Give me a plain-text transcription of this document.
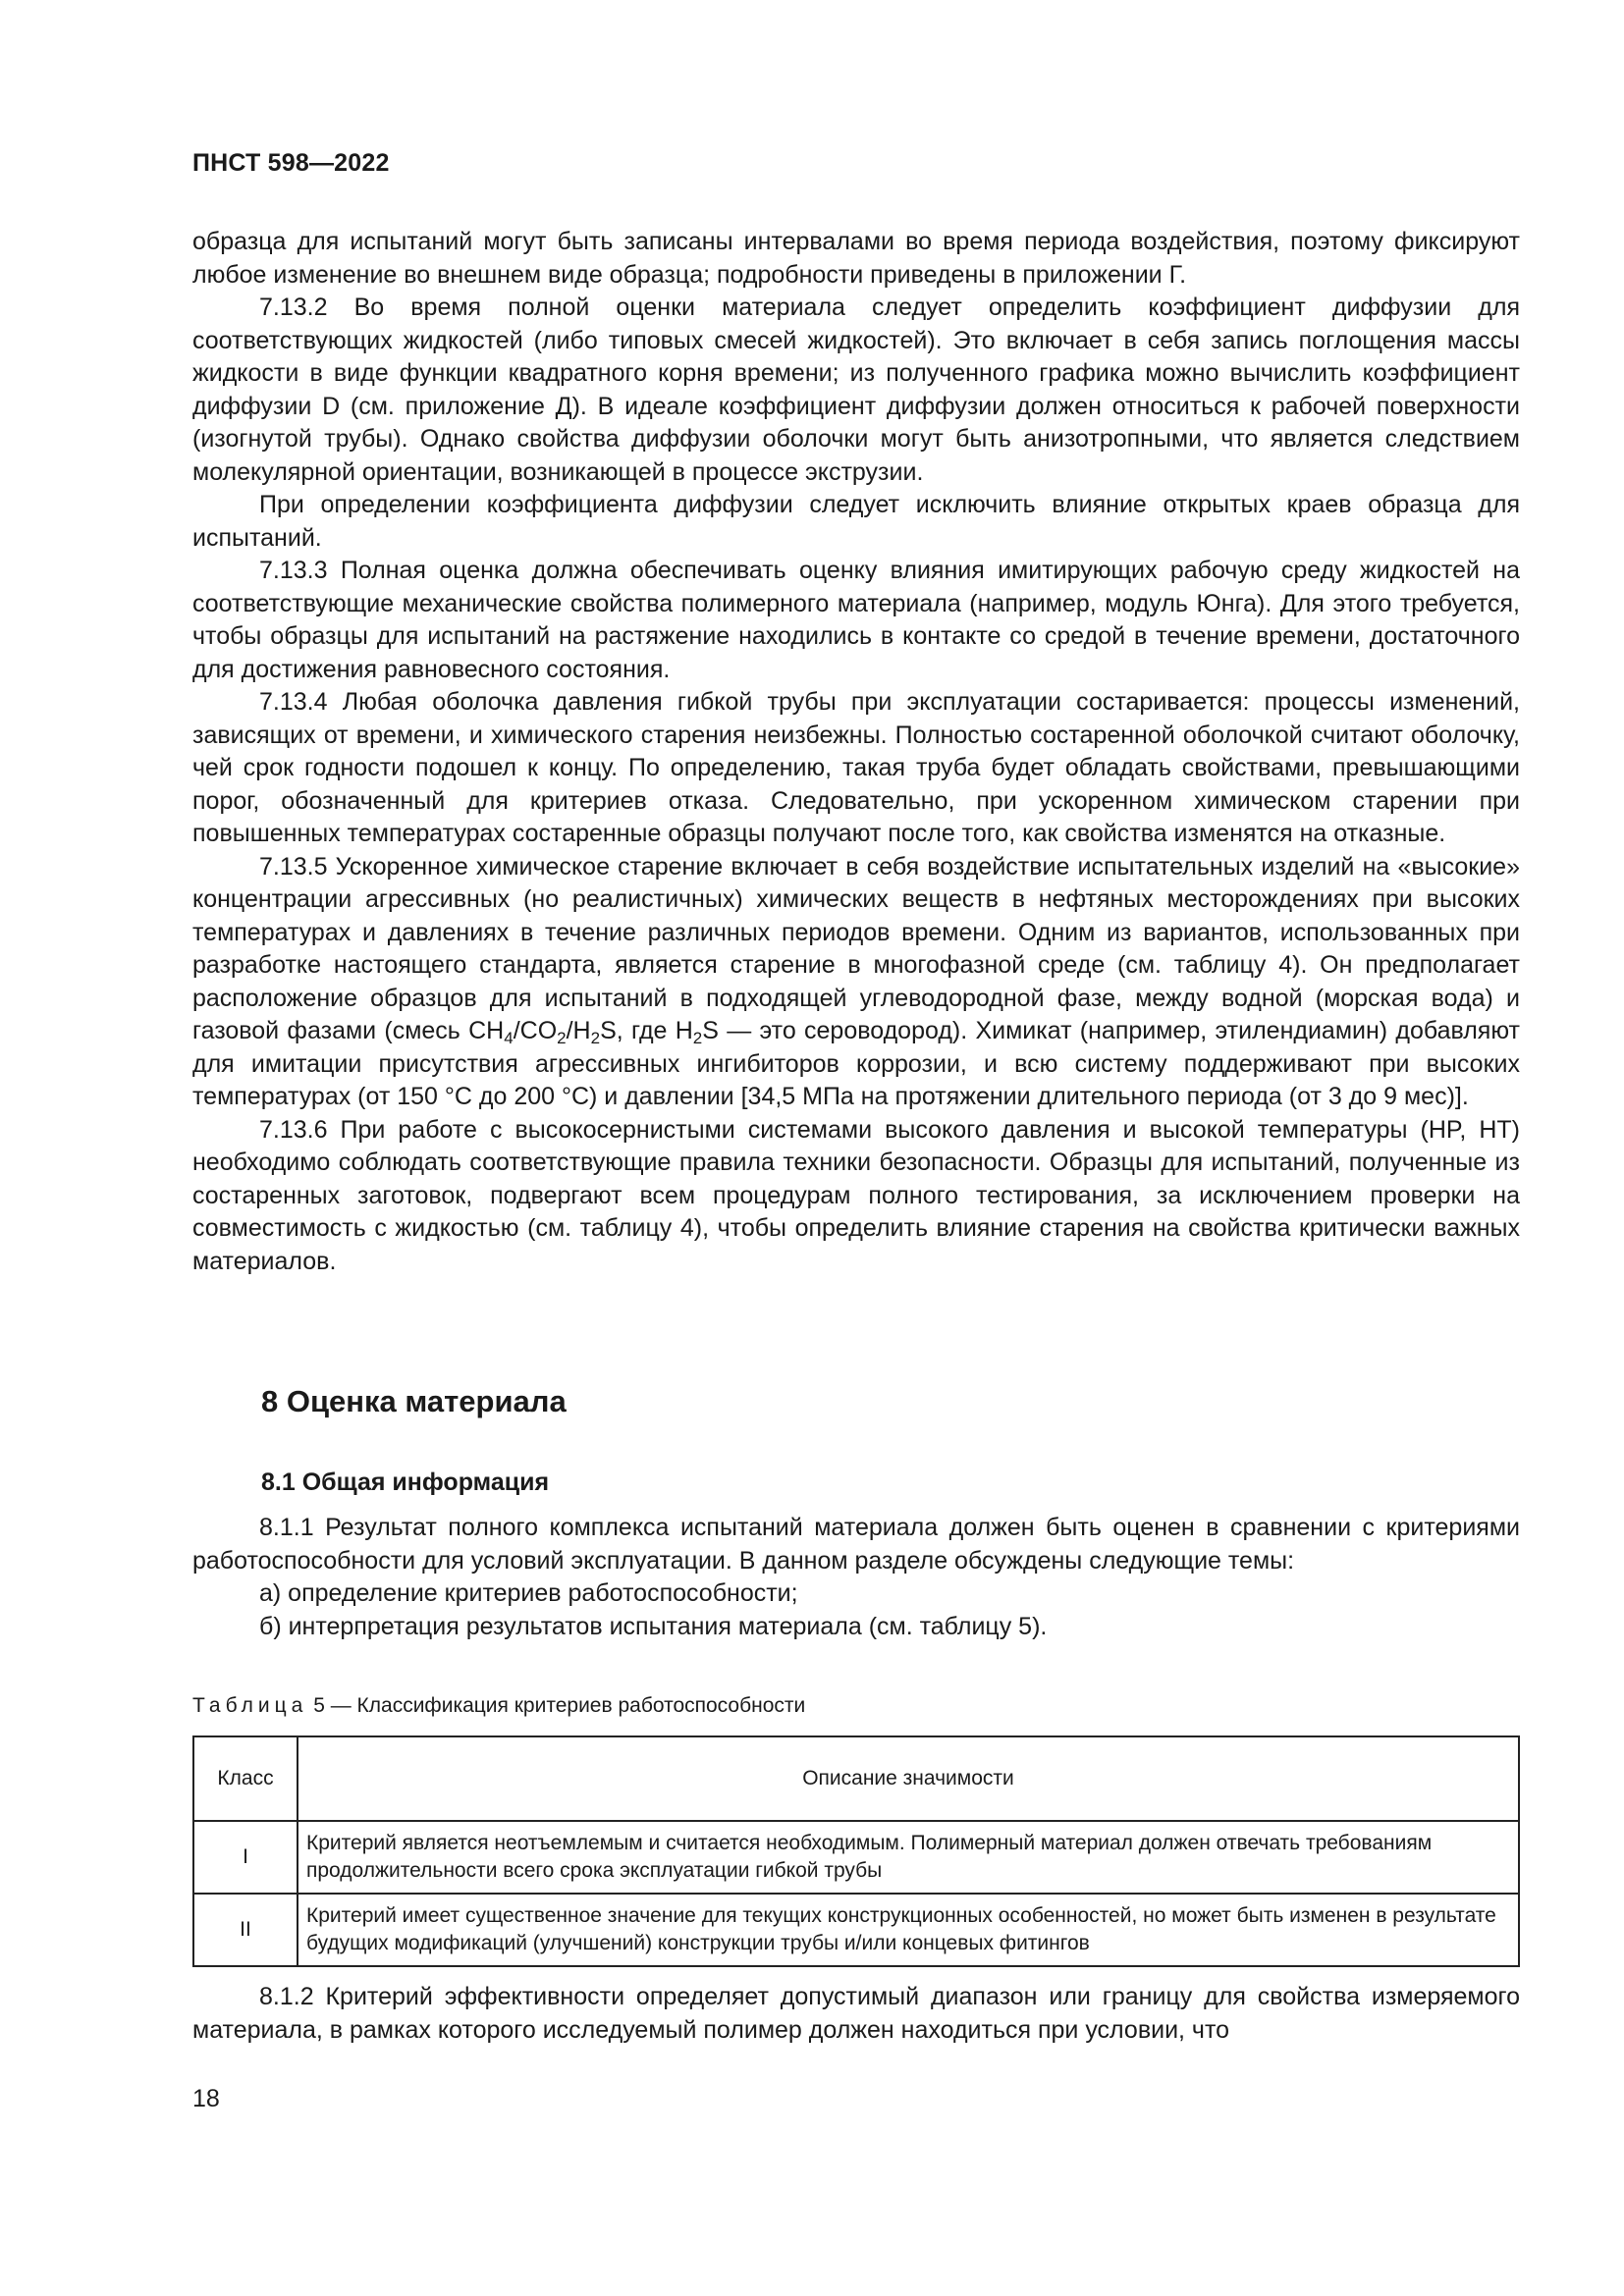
ПНСТ 598—2022

образца для испытаний могут быть записаны интервалами во время периода воздействия, поэтому фиксируют любое изменение во внешнем виде образца; подробности приведены в приложении Г.

7.13.2 Во время полной оценки материала следует определить коэффициент диффузии для соответствующих жидкостей (либо типовых смесей жидкостей). Это включает в себя запись поглощения массы жидкости в виде функции квадратного корня времени; из полученного графика можно вычислить коэффициент диффузии D (см. приложение Д). В идеале коэффициент диффузии должен относиться к рабочей поверхности (изогнутой трубы). Однако свойства диффузии оболочки могут быть анизотропными, что является следствием молекулярной ориентации, возникающей в процессе экструзии.

При определении коэффициента диффузии следует исключить влияние открытых краев образца для испытаний.

7.13.3 Полная оценка должна обеспечивать оценку влияния имитирующих рабочую среду жидкостей на соответствующие механические свойства полимерного материала (например, модуль Юнга). Для этого требуется, чтобы образцы для испытаний на растяжение находились в контакте со средой в течение времени, достаточного для достижения равновесного состояния.

7.13.4 Любая оболочка давления гибкой трубы при эксплуатации состаривается: процессы изменений, зависящих от времени, и химического старения неизбежны. Полностью состаренной оболочкой считают оболочку, чей срок годности подошел к концу. По определению, такая труба будет обладать свойствами, превышающими порог, обозначенный для критериев отказа. Следовательно, при ускоренном химическом старении при повышенных температурах состаренные образцы получают после того, как свойства изменятся на отказные.

7.13.5 Ускоренное химическое старение включает в себя воздействие испытательных изделий на «высокие» концентрации агрессивных (но реалистичных) химических веществ в нефтяных месторождениях при высоких температурах и давлениях в течение различных периодов времени. Одним из вариантов, использованных при разработке настоящего стандарта, является старение в многофазной среде (см. таблицу 4). Он предполагает расположение образцов для испытаний в подходящей углеводородной фазе, между водной (морская вода) и газовой фазами (смесь $CH_4/CO_2/H_2S$, где $H_2S$ — это сероводород). Химикат (например, этилендиамин) добавляют для имитации присутствия агрессивных ингибиторов коррозии, и всю систему поддерживают при высоких температурах (от 150 °С до 200 °С) и давлении [34,5 МПа на протяжении длительного периода (от 3 до 9 мес)].

7.13.6 При работе с высокосернистыми системами высокого давления и высокой температуры (HP, HT) необходимо соблюдать соответствующие правила техники безопасности. Образцы для испытаний, полученные из состаренных заготовок, подвергают всем процедурам полного тестирования, за исключением проверки на совместимость с жидкостью (см. таблицу 4), чтобы определить влияние старения на свойства критически важных материалов.

8 Оценка материала
8.1 Общая информация

8.1.1 Результат полного комплекса испытаний материала должен быть оценен в сравнении с критериями работоспособности для условий эксплуатации. В данном разделе обсуждены следующие темы:

а) определение критериев работоспособности;

б) интерпретация результатов испытания материала (см. таблицу 5).

Таблица 5 — Классификация критериев работоспособности
Класс	Описание значимости
I	Критерий является неотъемлемым и считается необходимым. Полимерный материал должен отвечать требованиям продолжительности всего срока эксплуатации гибкой трубы
II	Критерий имеет существенное значение для текущих конструкционных особенностей, но может быть изменен в результате будущих модификаций (улучшений) конструкции трубы и/или концевых фитингов

8.1.2 Критерий эффективности определяет допустимый диапазон или границу для свойства измеряемого материала, в рамках которого исследуемый полимер должен находиться при условии, что

18
